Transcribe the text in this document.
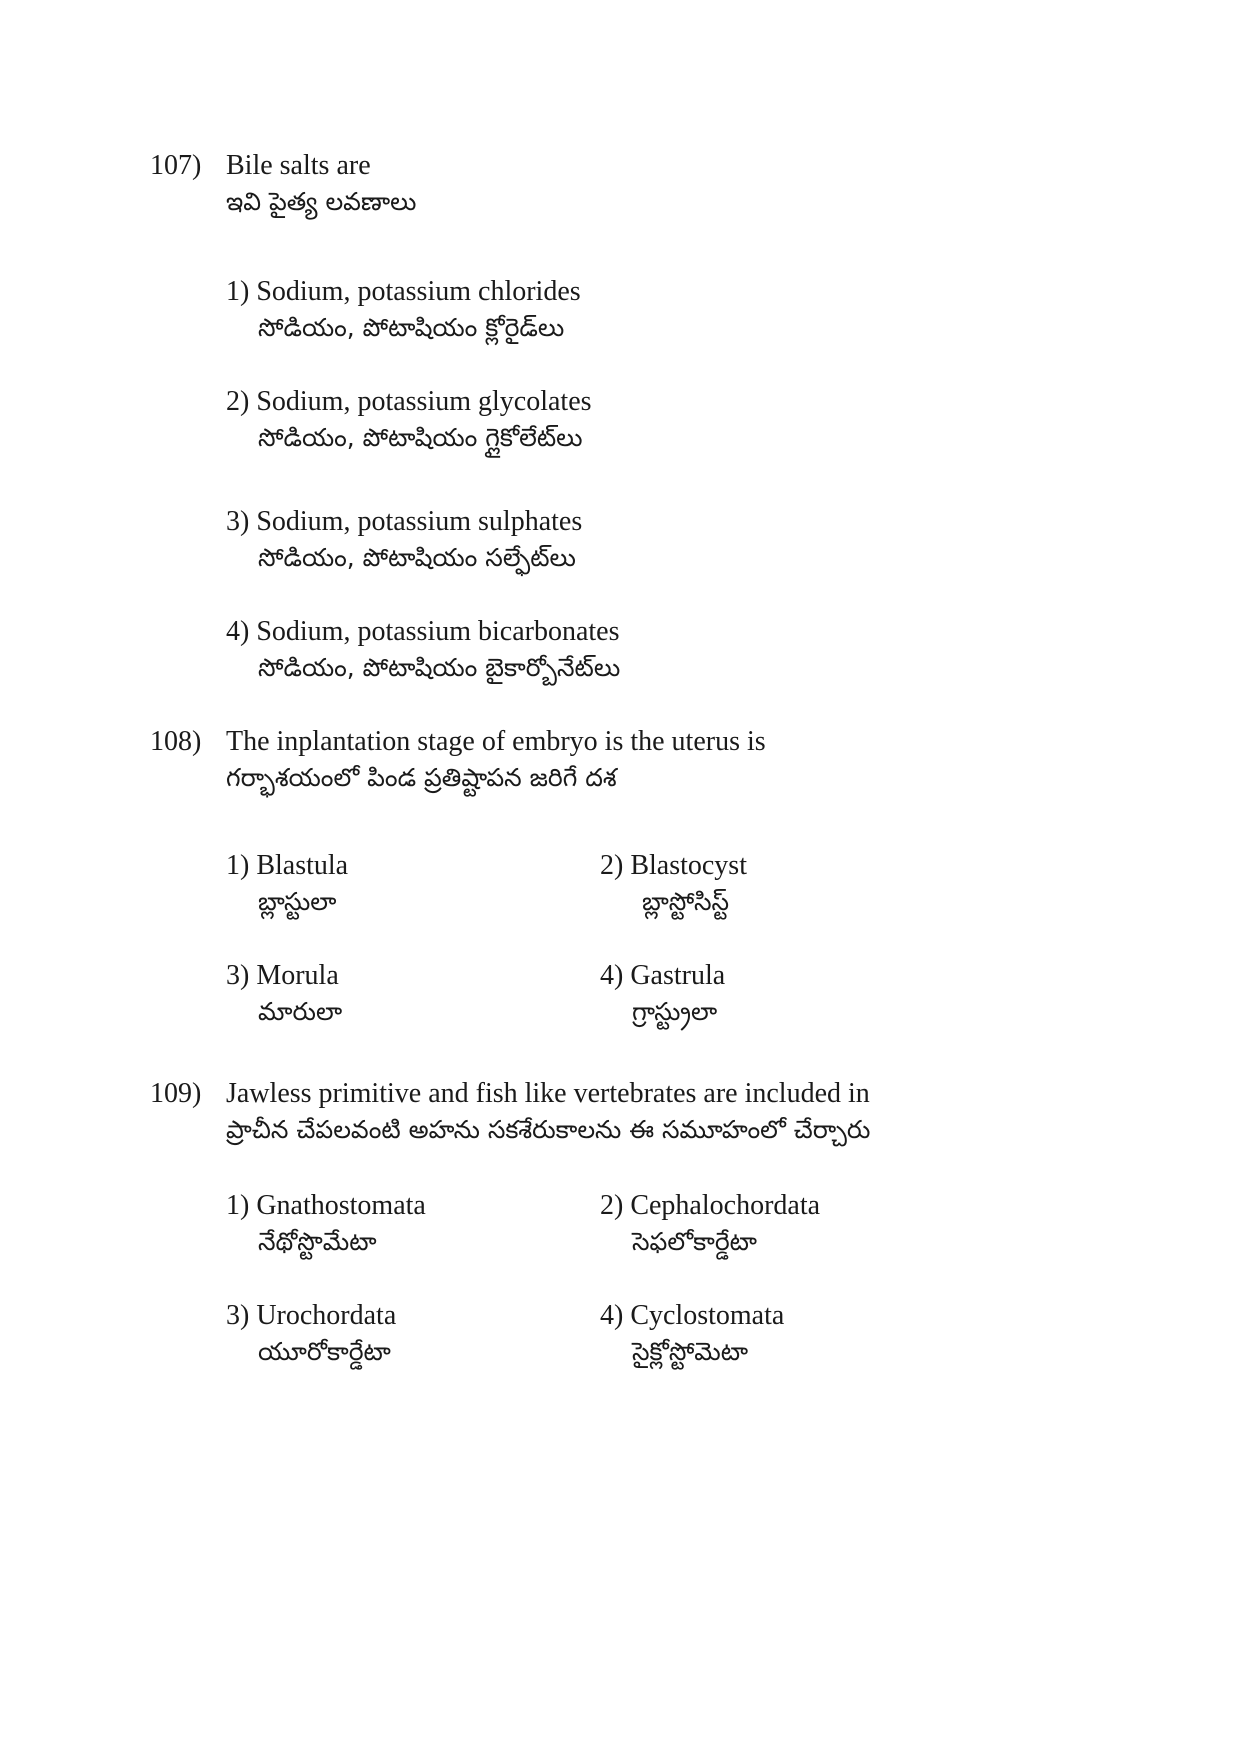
107) Bile salts are
ఇవి పైత్య లవణాలు
1) Sodium, potassium chlorides
సోడియం, పోటాషియం క్లోరైడ్‌లు
2) Sodium, potassium glycolates
సోడియం, పోటాషియం గ్లైకోలేట్‌లు
3) Sodium, potassium sulphates
సోడియం, పోటాషియం సల్ఫేట్‌లు
4) Sodium, potassium bicarbonates
సోడియం, పోటాషియం బైకార్బోనేట్‌లు
108) The inplantation stage of embryo is the uterus is
గర్భాశయంలో పిండ ప్రతిష్టాపన జరిగే దశ
1) Blastula
బ్లాస్టులా
2) Blastocyst
బ్లాస్టోసిస్ట్
3) Morula
మారులా
4) Gastrula
గ్రాస్ట్రులా
109) Jawless primitive and fish like vertebrates are included in
ప్రాచీన చేపలవంటి అహను సకశేరుకాలను ఈ సమూహంలో చేర్చారు
1) Gnathostomata
నేథోస్టొమేటా
2) Cephalochordata
సెఫలోకార్డేటా
3) Urochordata
యూరోకార్డేటా
4) Cyclostomata
సైక్లోస్టోమెటా
